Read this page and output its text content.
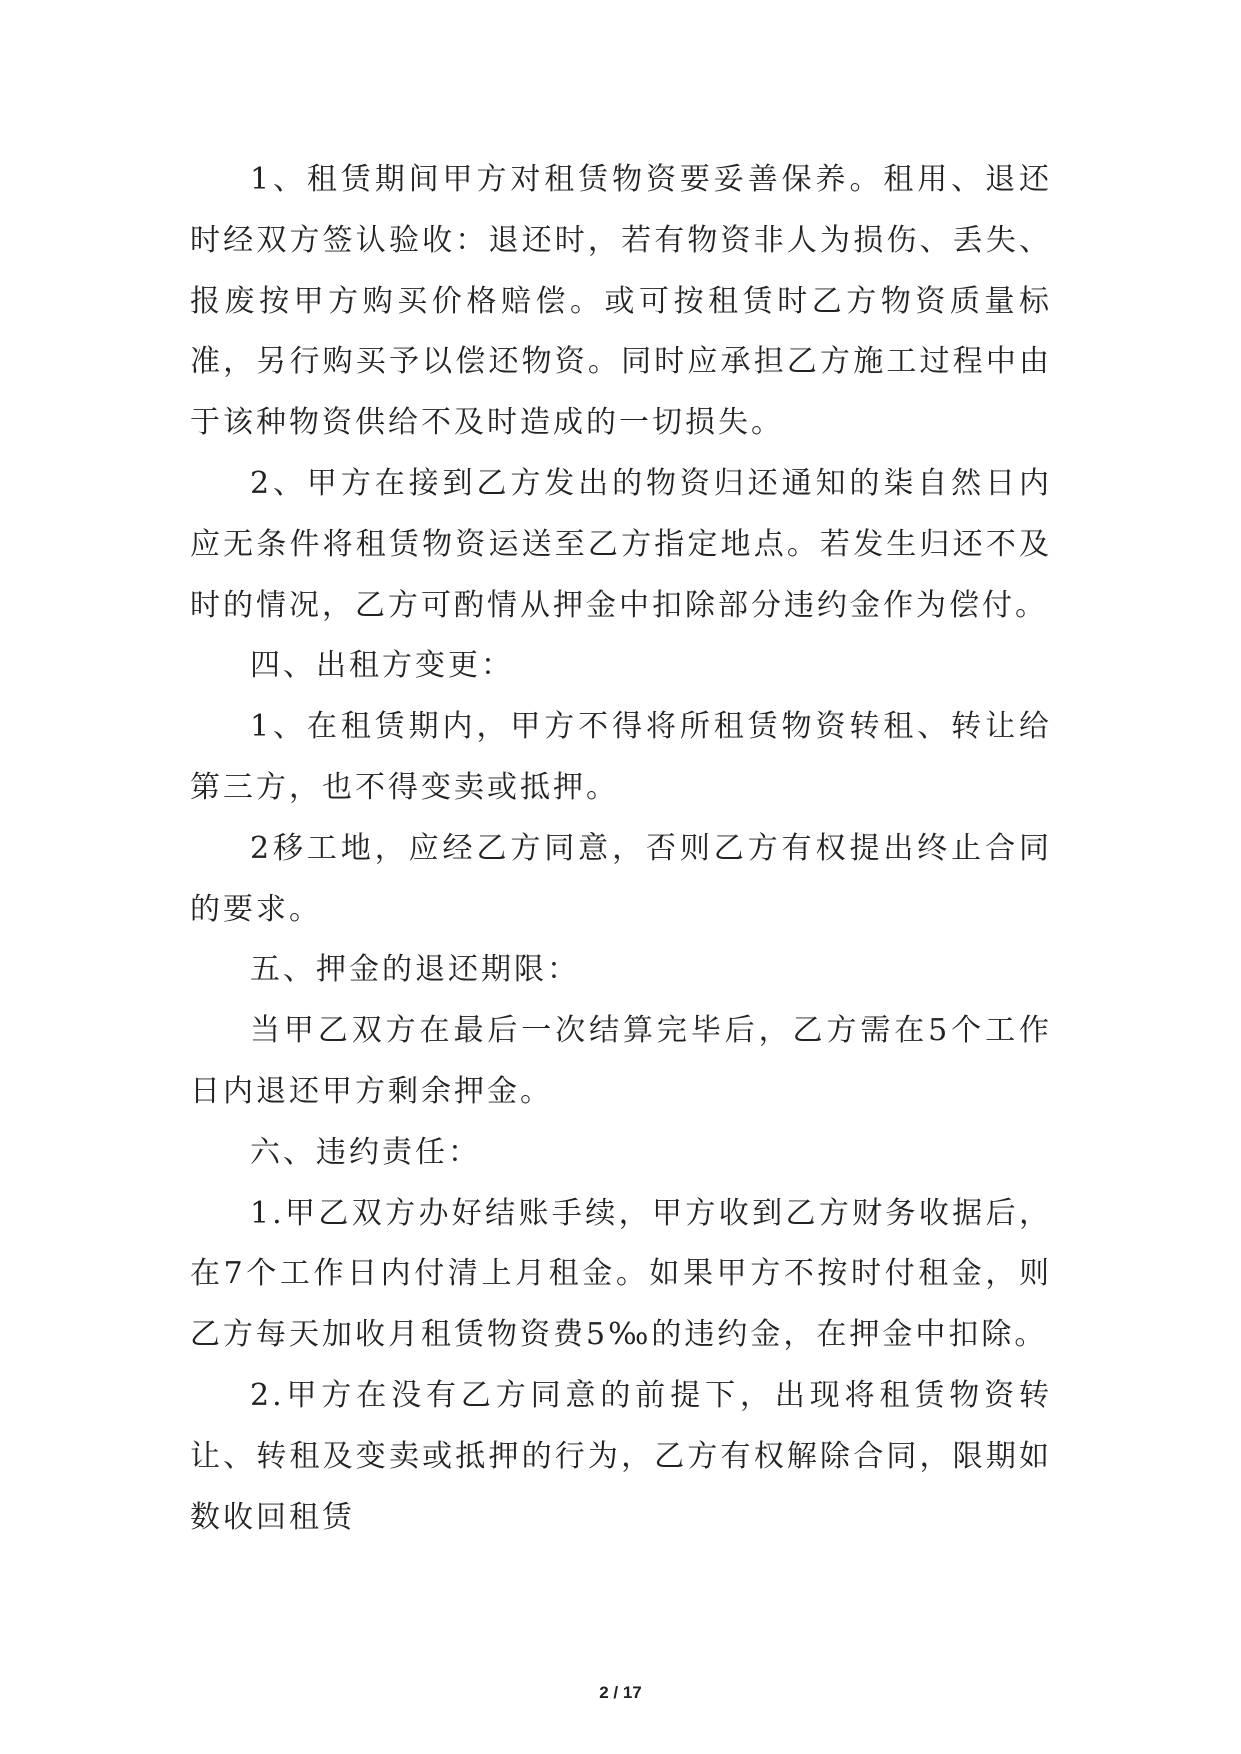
1、租赁期间甲方对租赁物资要妥善保养。租用、退还时经双方签认验收：退还时，若有物资非人为损伤、丢失、报废按甲方购买价格赔偿。或可按租赁时乙方物资质量标准，另行购买予以偿还物资。同时应承担乙方施工过程中由于该种物资供给不及时造成的一切损失。

2、甲方在接到乙方发出的物资归还通知的柒自然日内应无条件将租赁物资运送至乙方指定地点。若发生归还不及时的情况，乙方可酌情从押金中扣除部分违约金作为偿付。

四、出租方变更：

1、在租赁期内，甲方不得将所租赁物资转租、转让给第三方，也不得变卖或抵押。

2移工地，应经乙方同意，否则乙方有权提出终止合同的要求。

五、押金的退还期限：

当甲乙双方在最后一次结算完毕后，乙方需在5个工作日内退还甲方剩余押金。

六、违约责任：

1.甲乙双方办好结账手续，甲方收到乙方财务收据后，在7个工作日内付清上月租金。如果甲方不按时付租金，则乙方每天加收月租赁物资费5‰的违约金，在押金中扣除。

2.甲方在没有乙方同意的前提下，出现将租赁物资转让、转租及变卖或抵押的行为，乙方有权解除合同，限期如数收回租赁

2 / 17
